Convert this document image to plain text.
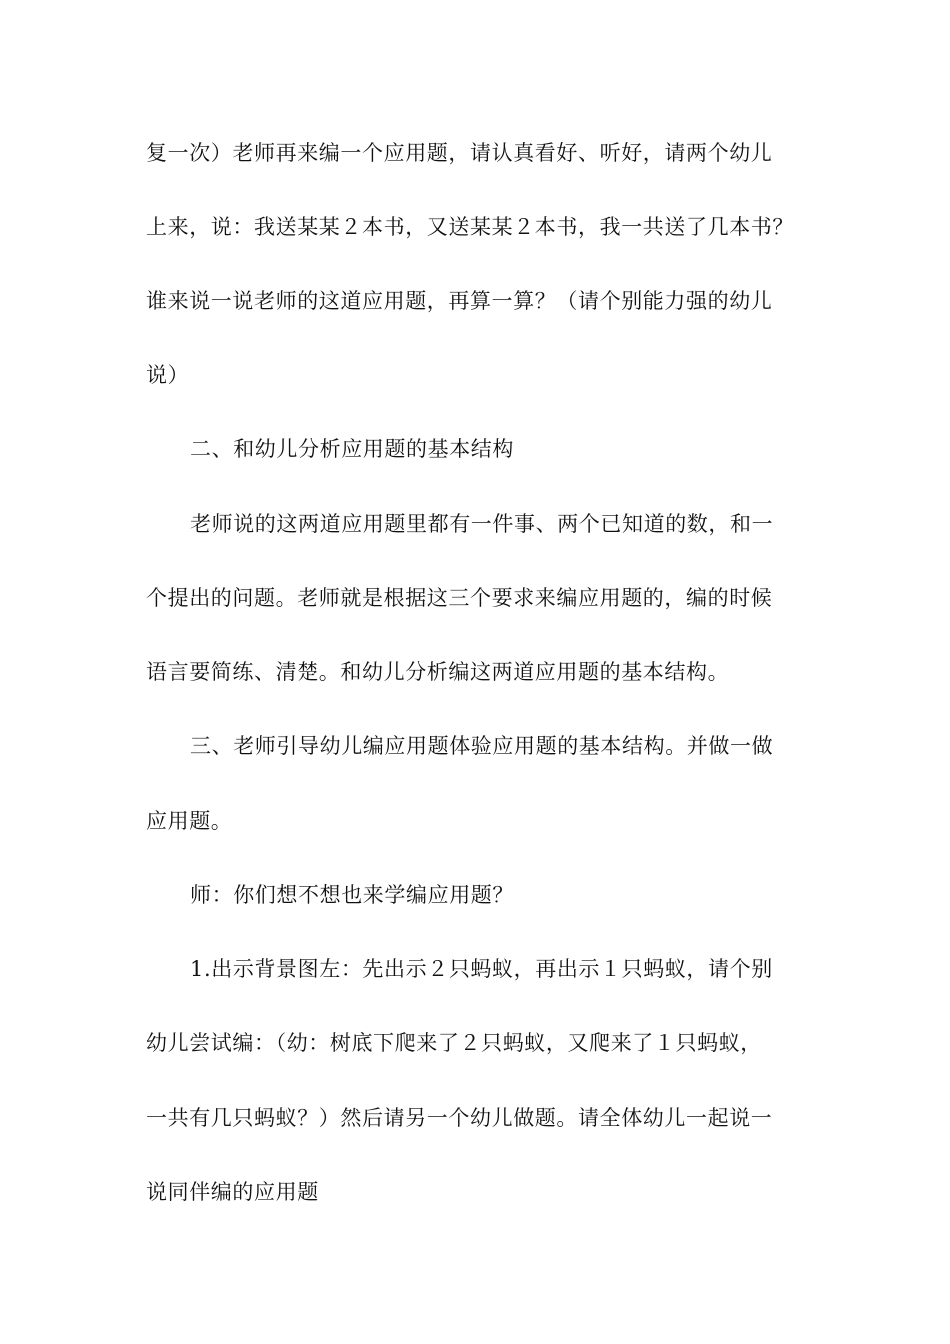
复一次）老师再来编一个应用题，请认真看好、听好，请两个幼儿
上来，说：我送某某２本书，又送某某２本书，我一共送了几本书？
谁来说一说老师的这道应用题，再算一算？（请个别能力强的幼儿
说）
二、和幼儿分析应用题的基本结构
老师说的这两道应用题里都有一件事、两个已知道的数，和一
个提出的问题。老师就是根据这三个要求来编应用题的，编的时候
语言要简练、清楚。和幼儿分析编这两道应用题的基本结构。
三、老师引导幼儿编应用题体验应用题的基本结构。并做一做
应用题。
师：你们想不想也来学编应用题？
1.出示背景图左：先出示２只蚂蚁，再出示１只蚂蚁，请个别
幼儿尝试编：（幼：树底下爬来了２只蚂蚁，又爬来了１只蚂蚁，
一共有几只蚂蚁？）然后请另一个幼儿做题。请全体幼儿一起说一
说同伴编的应用题
